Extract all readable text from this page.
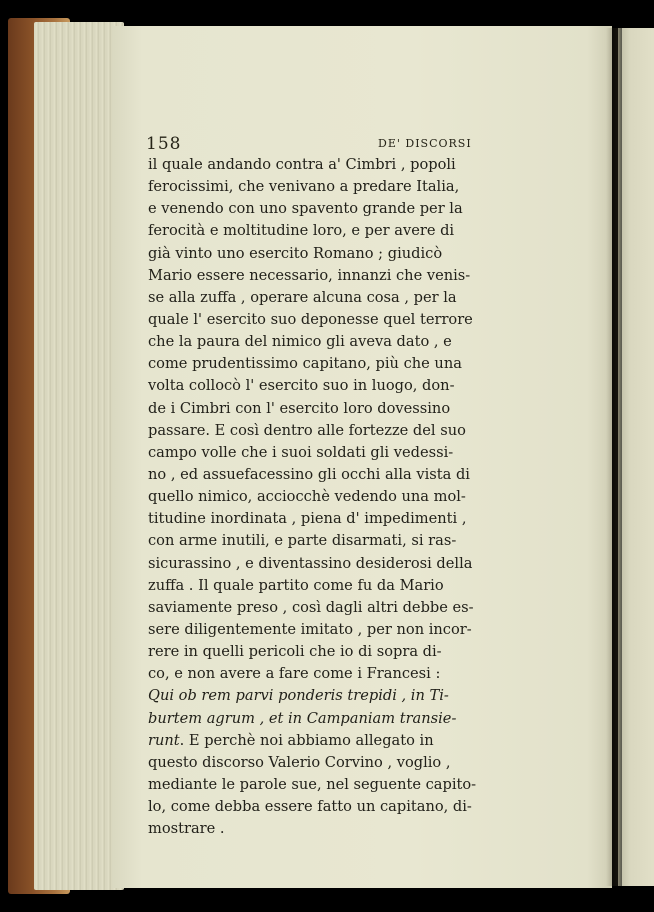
158	DE' DISCORSI
il quale andando contra a' Cimbri , popoli
ferocissimi, che venivano a predare Italia,
e venendo con uno spavento grande per la
ferocità e moltitudine loro, e per avere di
già vinto uno esercito Romano ; giudicò
Mario essere necessario, innanzi che venis-
se alla zuffa , operare alcuna cosa , per la
quale l' esercito suo deponesse quel terrore
che la paura del nimico gli aveva dato , e
come prudentissimo capitano, più che una
volta collocò l' esercito suo in luogo, don-
de i Cimbri con l' esercito loro dovessino
passare. E così dentro alle fortezze del suo
campo volle che i suoi soldati gli vedessi-
no , ed assuefacessino gli occhi alla vista di
quello nimico, acciocchè vedendo una mol-
titudine inordinata , piena d' impedimenti ,
con arme inutili, e parte disarmati, si ras-
sicurassino , e diventassino desiderosi della
zuffa . Il quale partito come fu da Mario
saviamente preso , così dagli altri debbe es-
sere diligentemente imitato , per non incor-
rere in quelli pericoli che io di sopra di-
co, e non avere a fare come i Francesi :
Qui ob rem parvi ponderis trepidi , in Ti-
burtem agrum , et in Campaniam transie-
runt. E perchè noi abbiamo allegato in
questo discorso Valerio Corvino , voglio ,
mediante le parole sue, nel seguente capito-
lo, come debba essere fatto un capitano, di-
mostrare .
